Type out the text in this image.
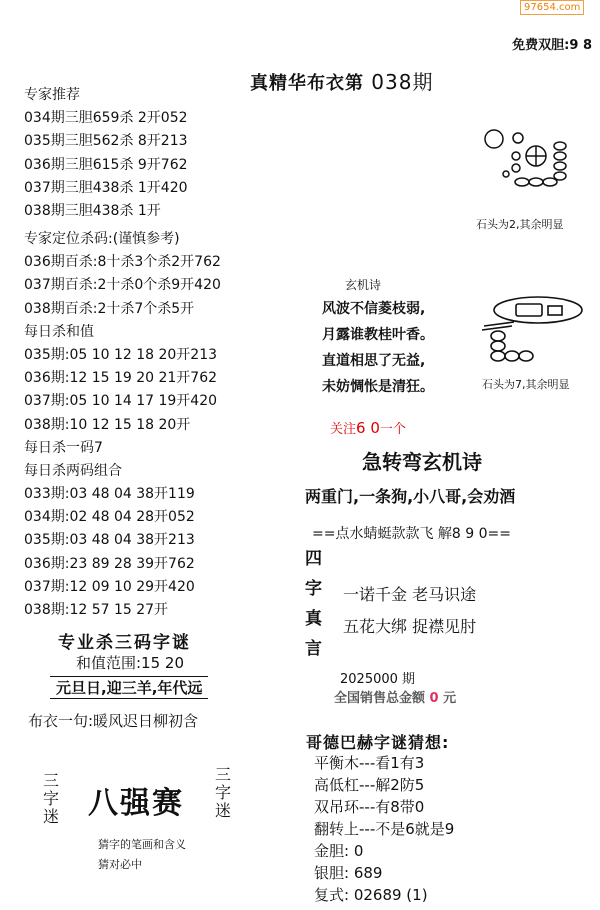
97654.com
免费双胆:9 8
真精华布衣第 038期
专家推荐
034期三胆659杀 2开052
035期三胆562杀 8开213
036期三胆615杀 9开762
037期三胆438杀 1开420
038期三胆438杀 1开
专家定位杀码:(谨慎参考)
036期百杀:8十杀3个杀2开762
037期百杀:2十杀0个杀9开420
038期百杀:2十杀7个杀5开
每日杀和值
035期:05 10 12 18 20开213
036期:12 15 19 20 21开762
037期:05 10 14 17 19开420
038期:10 12 15 18 20开
每日杀一码7
每日杀两码组合
033期:03 48 04 38开119
034期:02 48 04 28开052
035期:03 48 04 38开213
036期:23 89 28 39开762
037期:12 09 10 29开420
038期:12 57 15 27开
专业杀三码字谜
和值范围:15 20
元旦日,迎三羊,年代远
布衣一句:暖风迟日柳初含
三字迷
三字迷
八强赛
猜字的笔画和含义
猜对必中
石头为2,其余明显
石头为7,其余明显
玄机诗
风波不信菱枝弱,
月露谁教桂叶香。
直道相思了无益,
未妨惆怅是清狂。
关注6 0一个
急转弯玄机诗
两重门,一条狗,小八哥,会劝酒
==点水蜻蜓款款飞 解8 9 0==
四
字
真
言
一诺千金 老马识途
五花大绑 捉襟见肘
2025000 期
全国销售总金额 0 元
哥德巴赫字谜猜想:
平衡木---看1有3
高低杠---解2防5
双吊环---有8带0
翻转上---不是6就是9
金胆: 0
银胆: 689
复式: 02689 (1)
